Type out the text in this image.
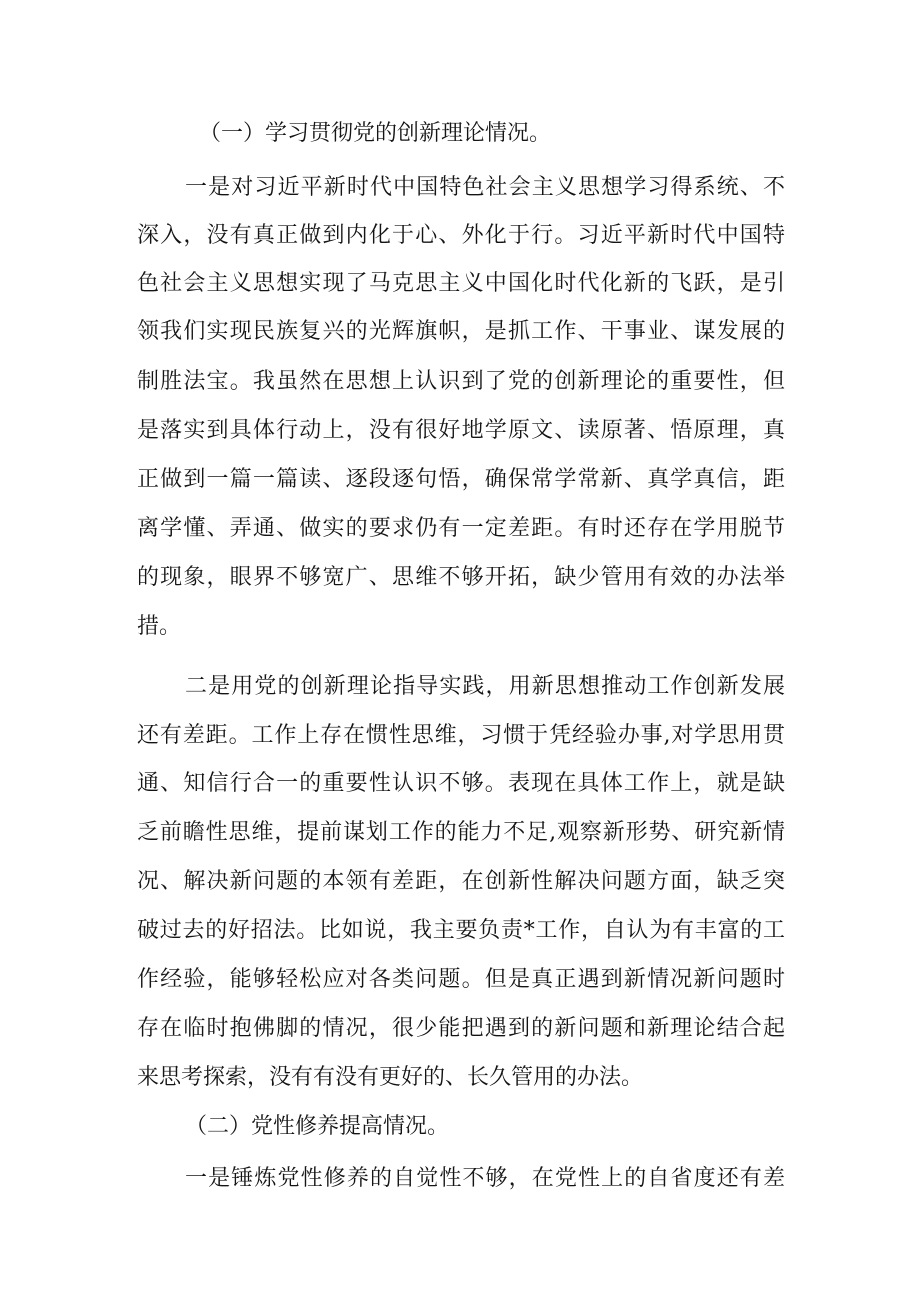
（一）学习贯彻党的创新理论情况。
一是对习近平新时代中国特色社会主义思想学习得系统、不
深入，没有真正做到内化于心、外化于行。习近平新时代中国特
色社会主义思想实现了马克思主义中国化时代化新的飞跃，是引
领我们实现民族复兴的光辉旗帜，是抓工作、干事业、谋发展的
制胜法宝。我虽然在思想上认识到了党的创新理论的重要性，但
是落实到具体行动上，没有很好地学原文、读原著、悟原理，真
正做到一篇一篇读、逐段逐句悟，确保常学常新、真学真信，距
离学懂、弄通、做实的要求仍有一定差距。有时还存在学用脱节
的现象，眼界不够宽广、思维不够开拓，缺少管用有效的办法举
措。
二是用党的创新理论指导实践，用新思想推动工作创新发展
还有差距。工作上存在惯性思维，习惯于凭经验办事,对学思用贯
通、知信行合一的重要性认识不够。表现在具体工作上，就是缺
乏前瞻性思维，提前谋划工作的能力不足,观察新形势、研究新情
况、解决新问题的本领有差距，在创新性解决问题方面，缺乏突
破过去的好招法。比如说，我主要负责*工作，自认为有丰富的工
作经验，能够轻松应对各类问题。但是真正遇到新情况新问题时
存在临时抱佛脚的情况，很少能把遇到的新问题和新理论结合起
来思考探索，没有有没有更好的、长久管用的办法。
（二）党性修养提高情况。
一是锤炼党性修养的自觉性不够，在党性上的自省度还有差
